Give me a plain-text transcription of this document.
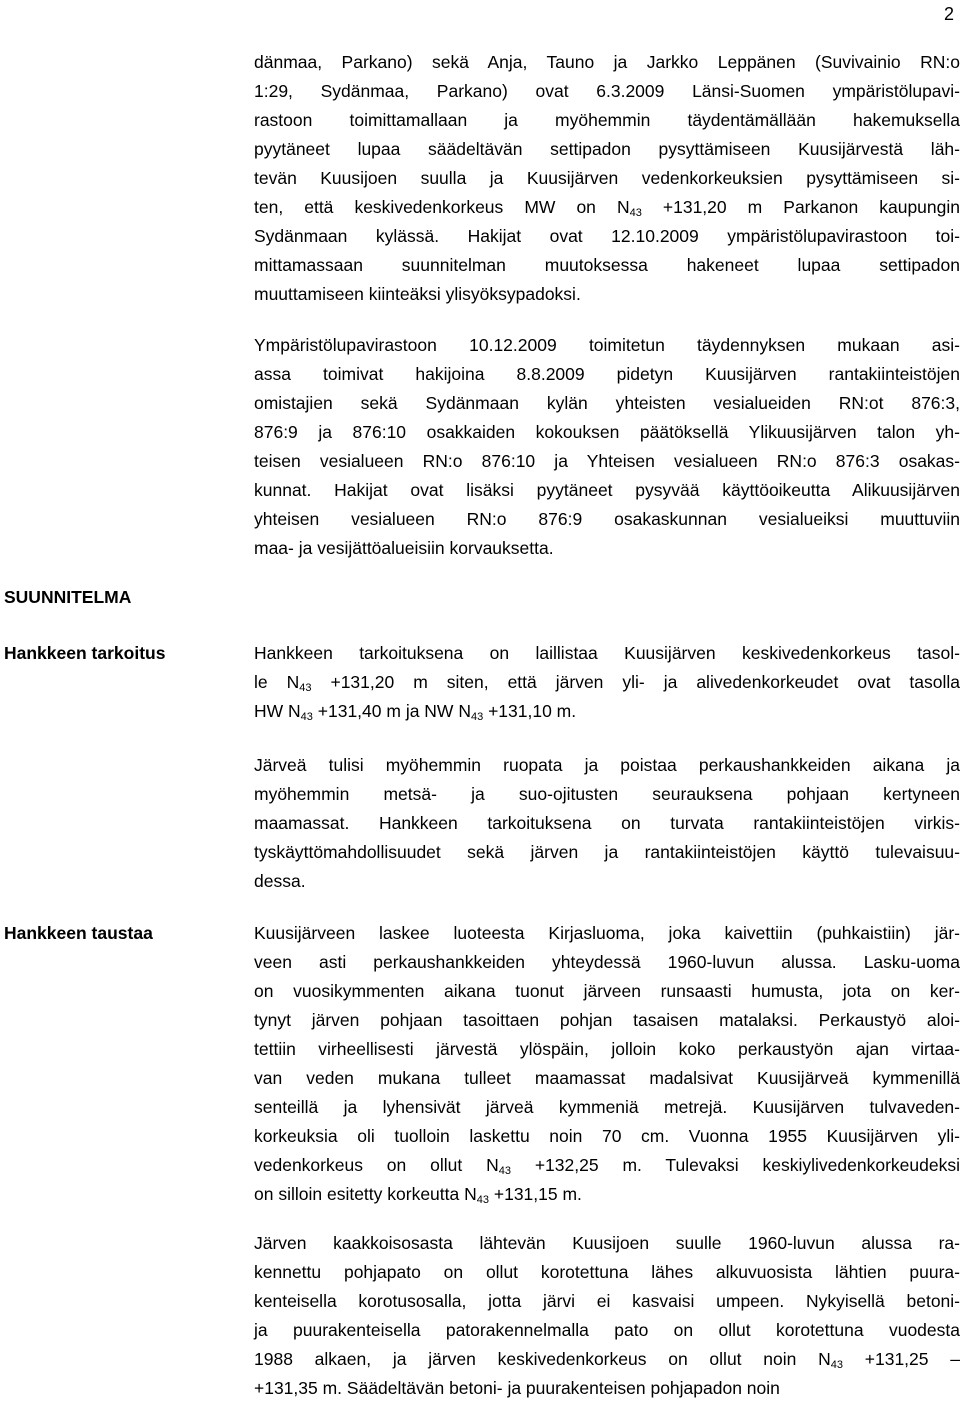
2

dänmaa, Parkano) sekä Anja, Tauno ja Jarkko Leppänen (Suvivainio RN:o
1:29, Sydänmaa, Parkano) ovat 6.3.2009 Länsi-Suomen ympäristölupavi-
rastoon toimittamallaan ja myöhemmin täydentämällään hakemuksella
pyytäneet lupaa säädeltävän settipadon pysyttämiseen Kuusijärvestä läh-
tevän Kuusijoen suulla ja Kuusijärven vedenkorkeuksien pysyttämiseen si-
ten, että keskivedenkorkeus MW on $N_{43} +131,20$ m Parkanon kaupungin
Sydänmaan kylässä. Hakijat ovat 12.10.2009 ympäristölupavirastoon toi-
mittamassaan suunnitelman muutoksessa hakeneet lupaa settipadon
muuttamiseen kiinteäksi ylisyöksypadoksi.

Ympäristölupavirastoon 10.12.2009 toimitetun täydennyksen mukaan asi-
assa toimivat hakijoina 8.8.2009 pidetyn Kuusijärven rantakiinteistöjen
omistajien sekä Sydänmaan kylän yhteisten vesialueiden RN:ot 876:3,
876:9 ja 876:10 osakkaiden kokouksen päätöksellä Ylikuusijärven talon yh-
teisen vesialueen RN:o 876:10 ja Yhteisen vesialueen RN:o 876:3 osakas-
kunnat. Hakijat ovat lisäksi pyytäneet pysyvää käyttöoikeutta Alikuusijärven
yhteisen vesialueen RN:o 876:9 osakaskunnan vesialueiksi muuttuviin
maa- ja vesijättöalueisiin korvauksetta.

SUUNNITELMA
Hankkeen tarkoitus	Hankkeen tarkoituksena on laillistaa Kuusijärven keskivedenkorkeus tasol-
le $N_{43} +131,20$ m siten, että järven yli- ja alivedenkorkeudet ovat tasolla
HW $N_{43} +131,40$ m ja NW $N_{43} +131,10$ m.

Järveä tulisi myöhemmin ruopata ja poistaa perkaushankkeiden aikana ja
myöhemmin metsä- ja suo-ojitusten seurauksena pohjaan kertyneen
maamassat. Hankkeen tarkoituksena on turvata rantakiinteistöjen virkis-
tyskäyttömahdollisuudet sekä järven ja rantakiinteistöjen käyttö tulevaisuu-
dessa.

Hankkeen taustaa	Kuusijärveen laskee luoteesta Kirjasluoma, joka kaivettiin (puhkaistiin) jär-
veen asti perkaushankkeiden yhteydessä 1960-luvun alussa. Lasku-uoma
on vuosikymmenten aikana tuonut järveen runsaasti humusta, jota on ker-
tynyt järven pohjaan tasoittaen pohjan tasaisen matalaksi. Perkaustyö aloi-
tettiin virheellisesti järvestä ylöspäin, jolloin koko perkaustyön ajan virtaa-
van veden mukana tulleet maamassat madalsivat Kuusijärveä kymmenillä
senteillä ja lyhensivät järveä kymmeniä metrejä. Kuusijärven tulvaveden-
korkeuksia oli tuolloin laskettu noin 70 cm. Vuonna 1955 Kuusijärven yli-
vedenkorkeus on ollut $N_{43} +132,25$ m. Tulevaksi keskiylivedenkorkeudeksi
on silloin esitetty korkeutta $N_{43} +131,15$ m.

Järven kaakkoisosasta lähtevän Kuusijoen suulle 1960-luvun alussa ra-
kennettu pohjapato on ollut korotettuna lähes alkuvuosista lähtien puura-
kenteisella korotusosalla, jotta järvi ei kasvaisi umpeen. Nykyisellä betoni-
ja puurakenteisella patorakennelmalla pato on ollut korotettuna vuodesta
1988 alkaen, ja järven keskivedenkorkeus on ollut noin $N_{43} +131,25$ –
+131,35 m. Säädeltävän betoni- ja puurakenteisen pohjapadon noin
